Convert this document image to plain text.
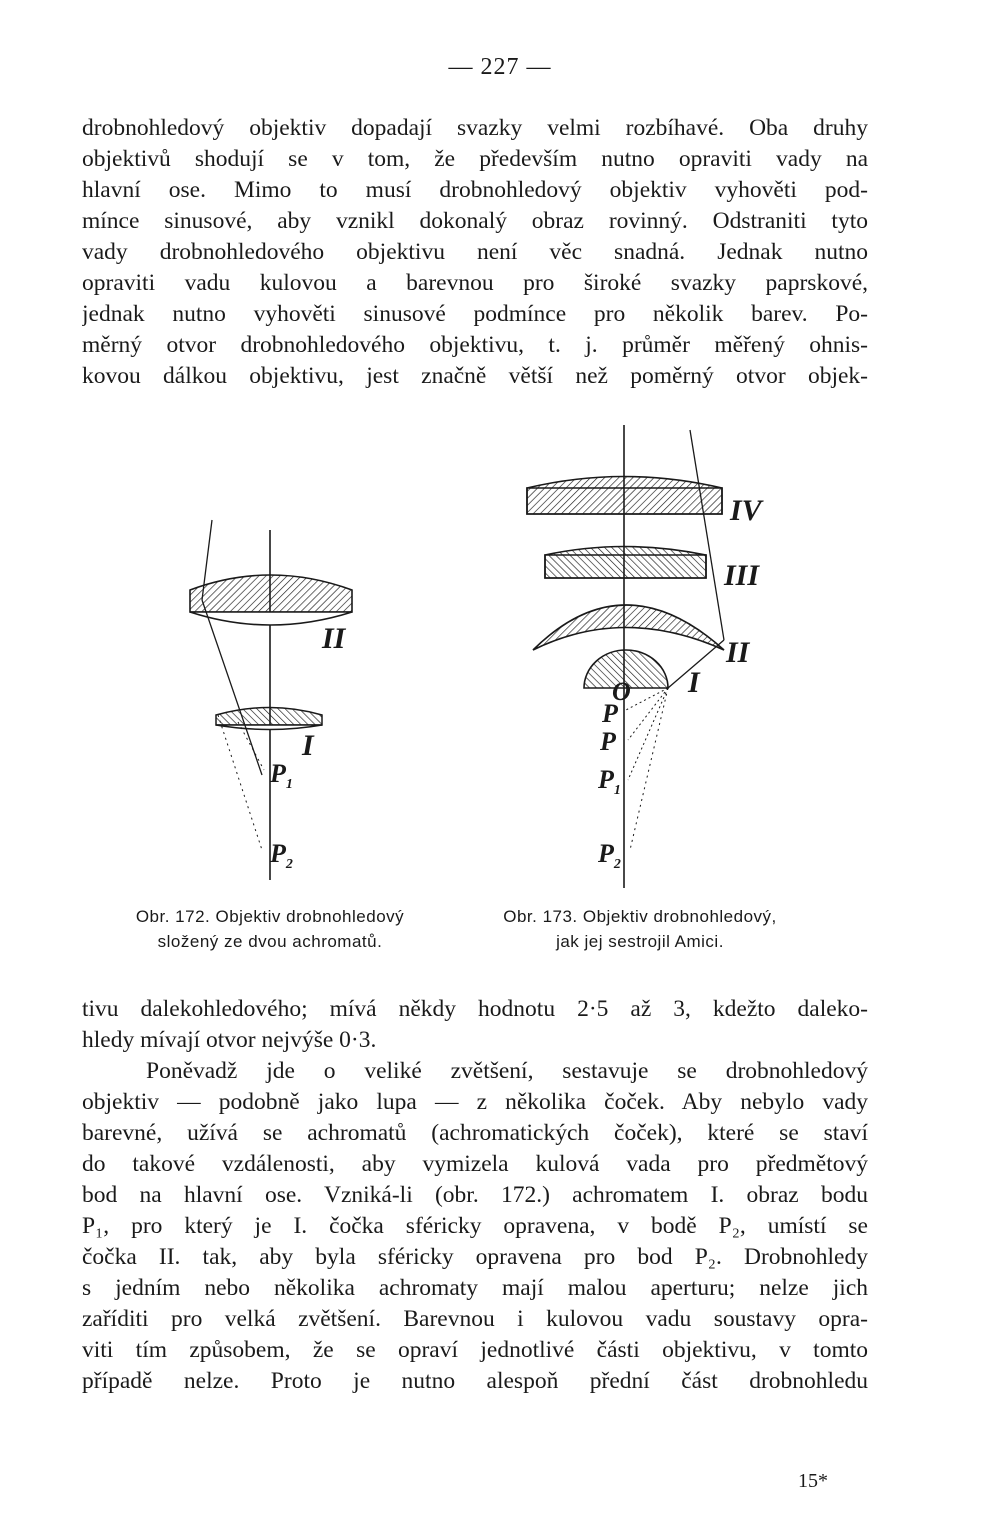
— 227 —
drobnohledový objektiv dopadají svazky velmi rozbíhavé. Oba druhy
objektivů shodují se v tom, že především nutno opraviti vady na
hlavní ose. Mimo to musí drobnohledový objektiv vyhověti pod-
mínce sinusové, aby vznikl dokonalý obraz rovinný. Odstraniti tyto
vady drobnohledového objektivu není věc snadná. Jednak nutno
opraviti vadu kulovou a barevnou pro široké svazky paprskové,
jednak nutno vyhověti sinusové podmínce pro několik barev. Po-
měrný otvor drobnohledového objektivu, t. j. průměr měřený ohnis-
kovou dálkou objektivu, jest značně větší než poměrný otvor objek-
II
I
$P_1$
$P_2$
IV
III
II
I
O
P
P
$P_1$
$P_2$
Obr. 172. Objektiv drobnohledový
složený ze dvou achromatů.
Obr. 173. Objektiv drobnohledový,
jak jej sestrojil Amici.
tivu dalekohledového; mívá někdy hodnotu 2·5 až 3, kdežto daleko-
hledy mívají otvor nejvýše 0·3.
Poněvadž jde o veliké zvětšení, sestavuje se drobnohledový
objektiv — podobně jako lupa — z několika čoček. Aby nebylo vady
barevné, užívá se achromatů (achromatických čoček), které se staví
do takové vzdálenosti, aby vymizela kulová vada pro předmětový
bod na hlavní ose. Vzniká-li (obr. 172.) achromatem I. obraz bodu
P₁, pro který je I. čočka sféricky opravena, v bodě P₂, umístí se
čočka II. tak, aby byla sféricky opravena pro bod P₂. Drobnohledy
s jedním nebo několika achromaty mají malou aperturu; nelze jich
zaříditi pro velká zvětšení. Barevnou i kulovou vadu soustavy opra-
viti tím způsobem, že se opraví jednotlivé části objektivu, v tomto
případě nelze. Proto je nutno alespoň přední část drobnohledu
15*
